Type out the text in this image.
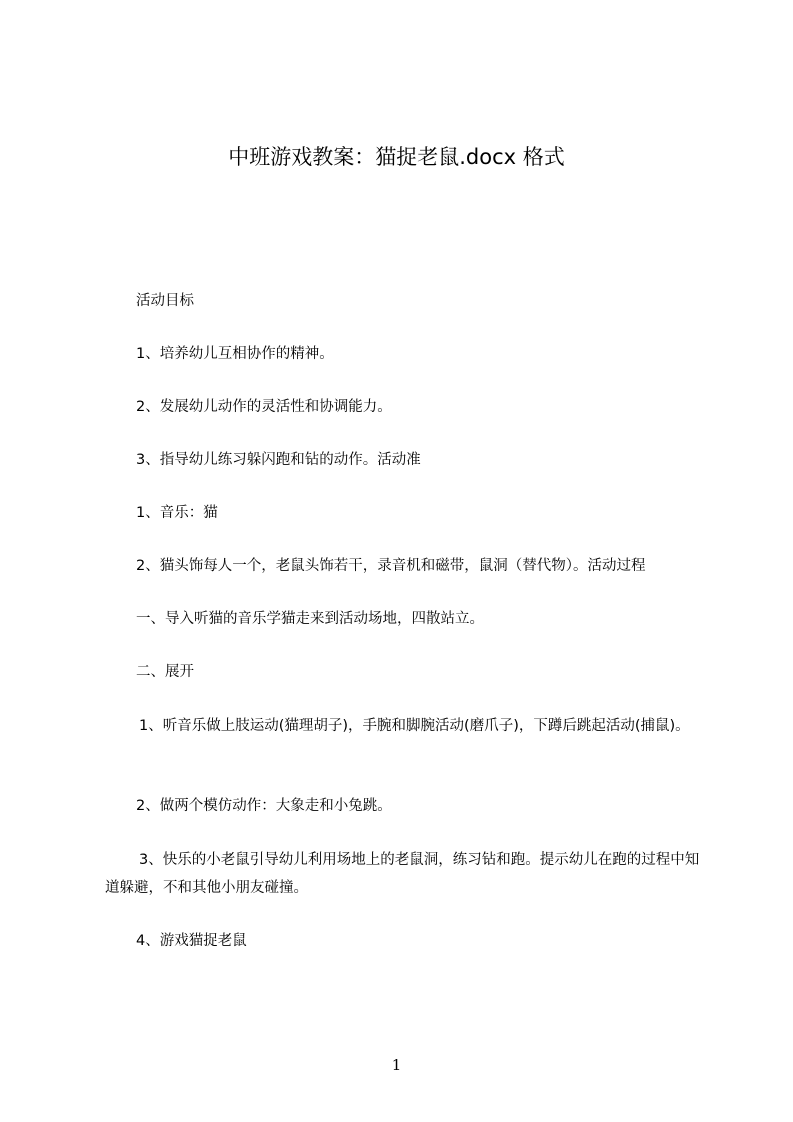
中班游戏教案：猫捉老鼠.docx 格式
活动目标
1、培养幼儿互相协作的精神。
2、发展幼儿动作的灵活性和协调能力。
3、指导幼儿练习躲闪跑和钻的动作。活动准
1、音乐：猫
2、猫头饰每人一个，老鼠头饰若干，录音机和磁带，鼠洞（替代物）。活动过程
一、导入听猫的音乐学猫走来到活动场地，四散站立。
二、展开
1、听音乐做上肢运动(猫理胡子)，手腕和脚腕活动(磨爪子)，下蹲后跳起活动(捕鼠)。
2、做两个模仿动作：大象走和小兔跳。
3、快乐的小老鼠引导幼儿利用场地上的老鼠洞，练习钻和跑。提示幼儿在跑的过程中知道躲避，不和其他小朋友碰撞。
4、游戏猫捉老鼠
1
